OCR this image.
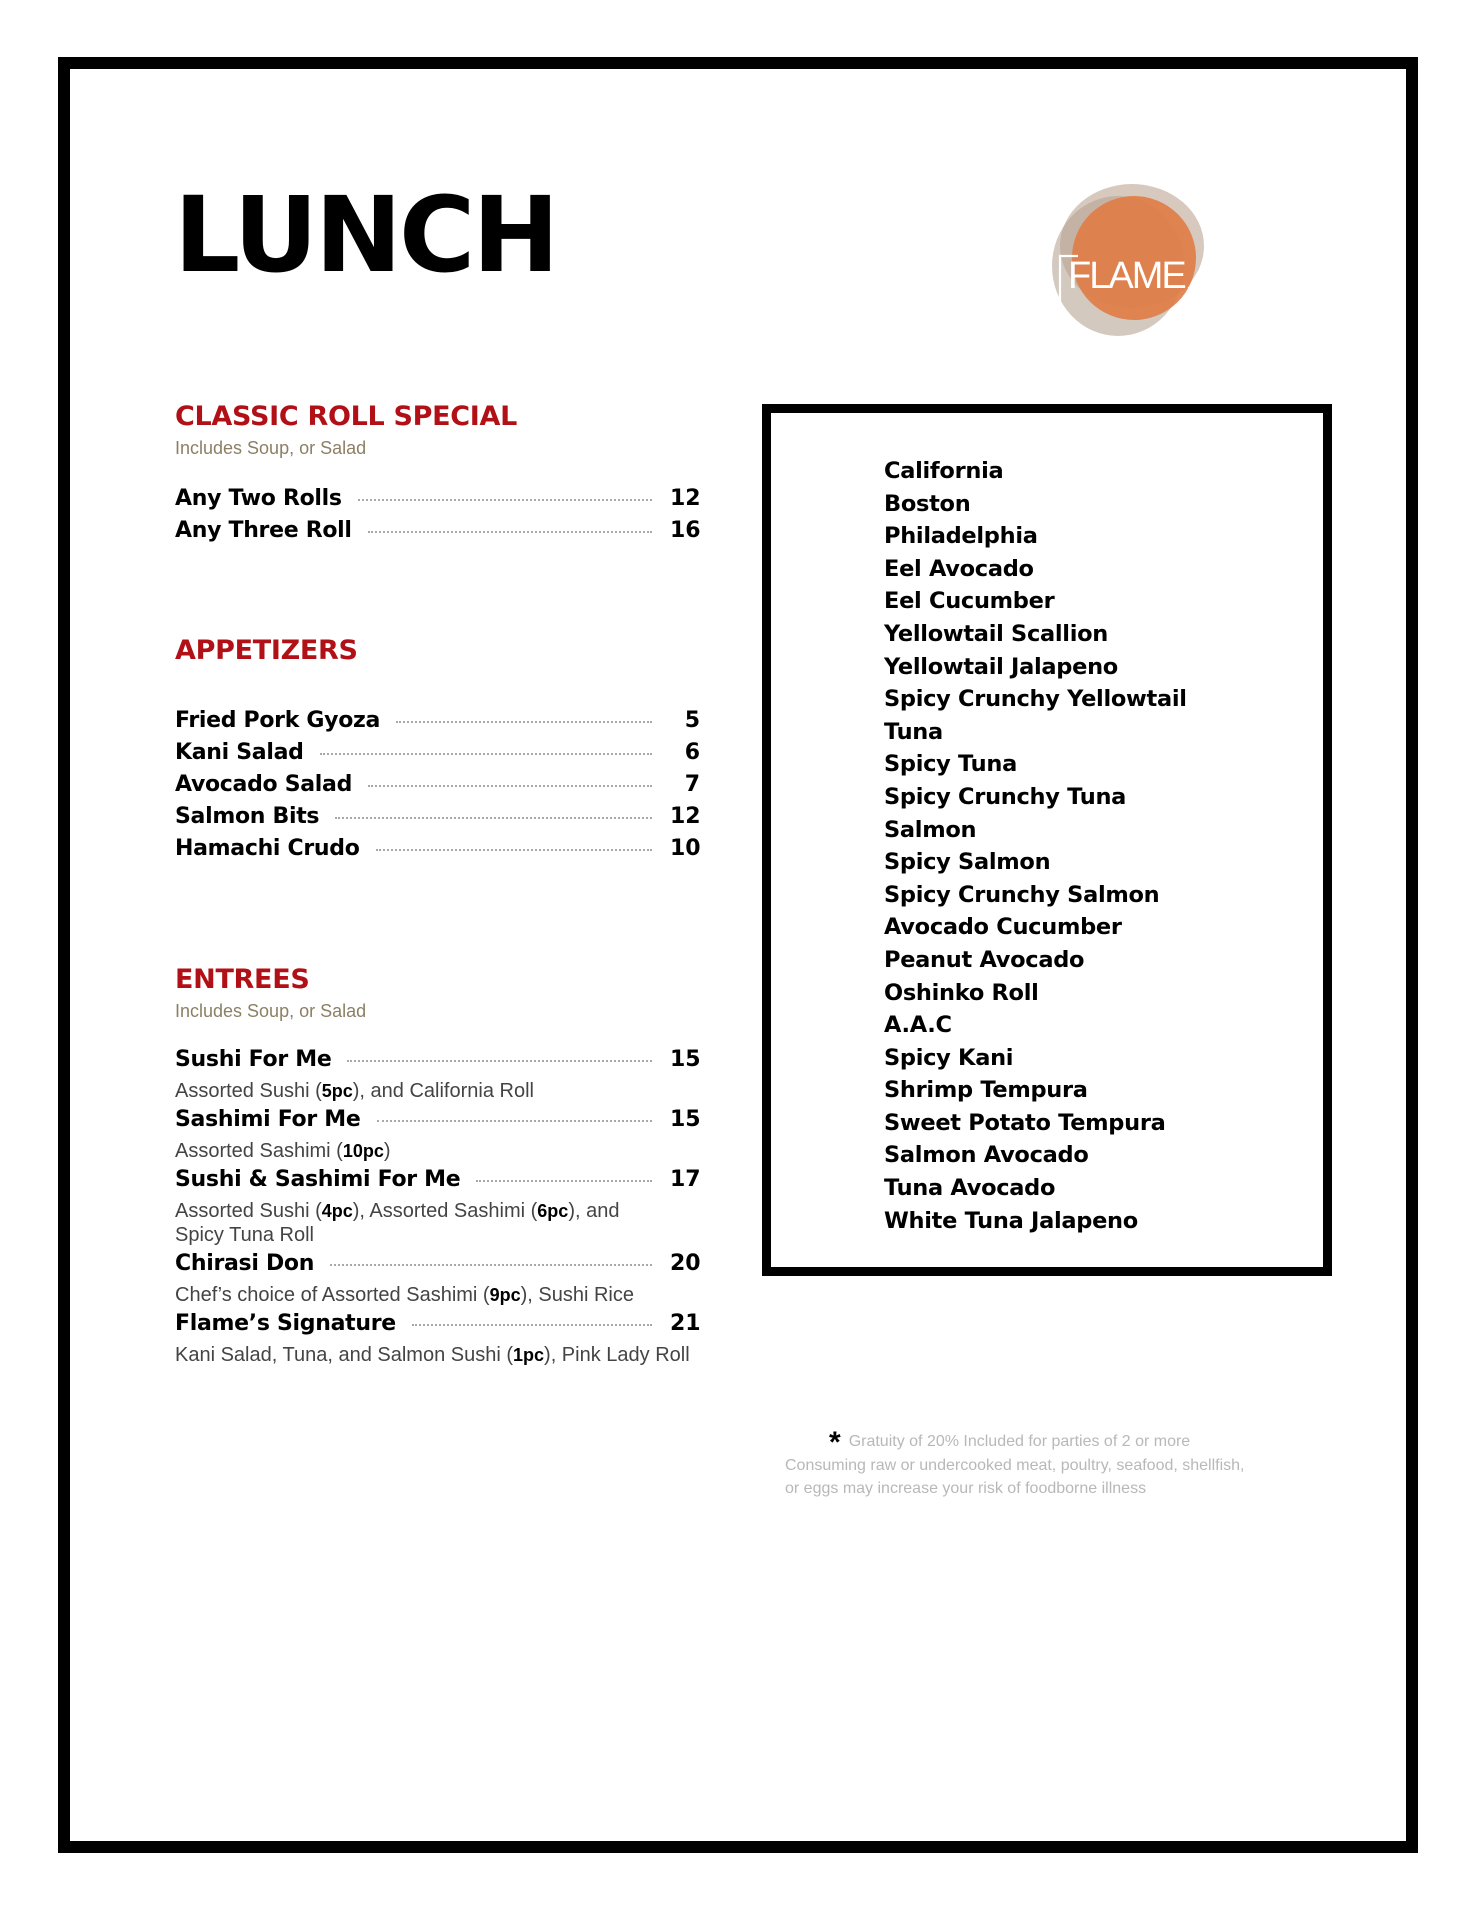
LUNCH	FLAME
CLASSIC ROLL SPECIAL
Includes Soup, or Salad
Any Two Rolls	12
Any Three Roll	16
APPETIZERS
Fried Pork Gyoza	5
Kani Salad	6
Avocado Salad	7
Salmon Bits	12
Hamachi Crudo	10
ENTREES
Includes Soup, or Salad
Sushi For Me	15
Assorted Sushi (5pc), and California Roll
Sashimi For Me	15
Assorted Sashimi (10pc)
Sushi & Sashimi For Me	17
Assorted Sushi (4pc), Assorted Sashimi (6pc), and Spicy Tuna Roll
Chirasi Don	20
Chef’s choice of Assorted Sashimi (9pc), Sushi Rice
Flame’s Signature	21
Kani Salad, Tuna, and Salmon Sushi (1pc), Pink Lady Roll
California
Boston
Philadelphia
Eel Avocado
Eel Cucumber
Yellowtail Scallion
Yellowtail Jalapeno
Spicy Crunchy Yellowtail
Tuna
Spicy Tuna
Spicy Crunchy Tuna
Salmon
Spicy Salmon
Spicy Crunchy Salmon
Avocado Cucumber
Peanut Avocado
Oshinko Roll
A.A.C
Spicy Kani
Shrimp Tempura
Sweet Potato Tempura
Salmon Avocado
Tuna Avocado
White Tuna Jalapeno
* Gratuity of 20% Included for parties of 2 or more
Consuming raw or undercooked meat, poultry, seafood, shellfish,
or eggs may increase your risk of foodborne illness
